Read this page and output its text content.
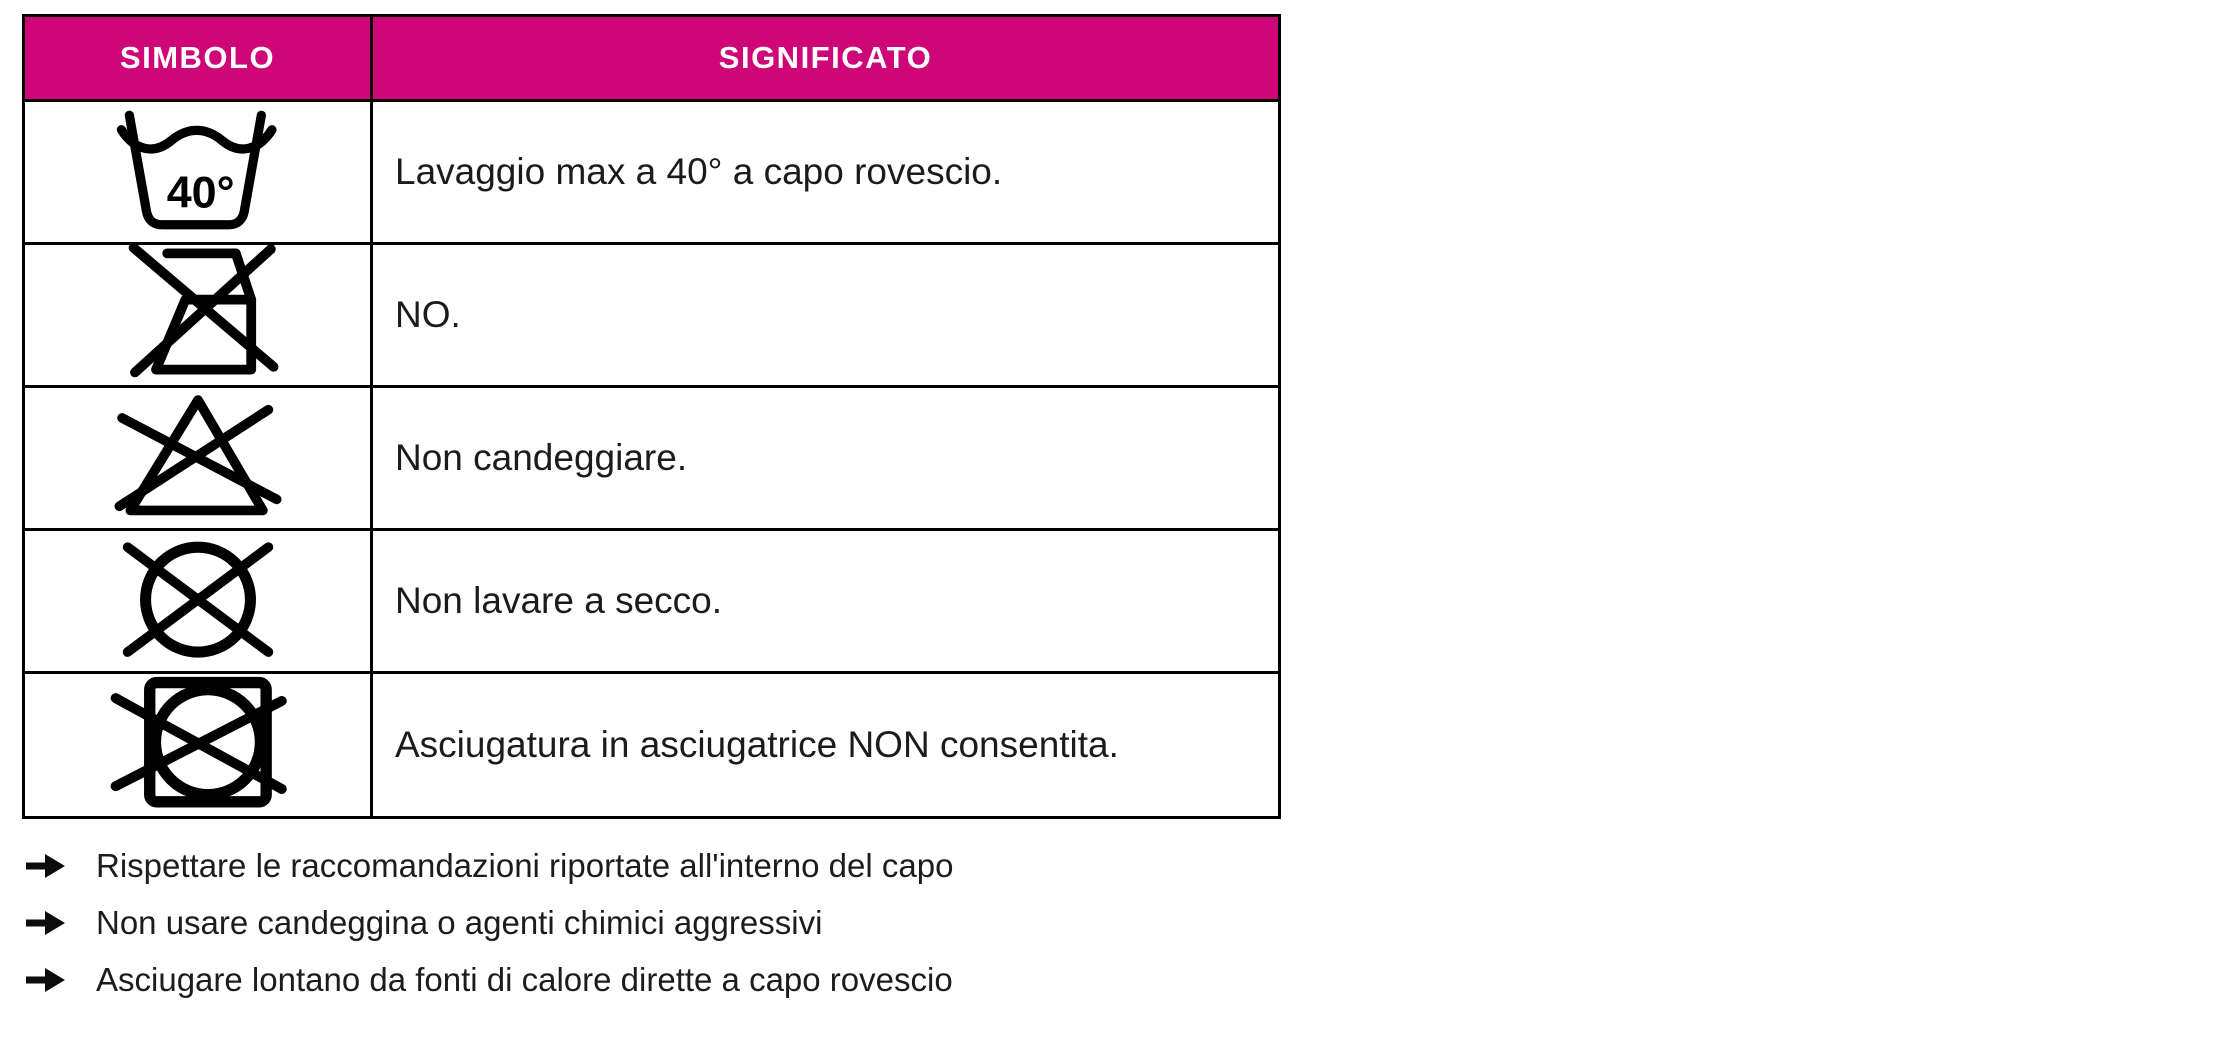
SIMBOLO	SIGNIFICATO

40°	Lavaggio max a 40° a capo rovescio.
	NO.
	Non candeggiare.
	Non lavare a secco.
	Asciugatura in asciugatrice NON consentita.
Rispettare le raccomandazioni riportate all'interno del capo
Non usare candeggina o agenti chimici aggressivi
Asciugare lontano da fonti di calore dirette a capo rovescio
